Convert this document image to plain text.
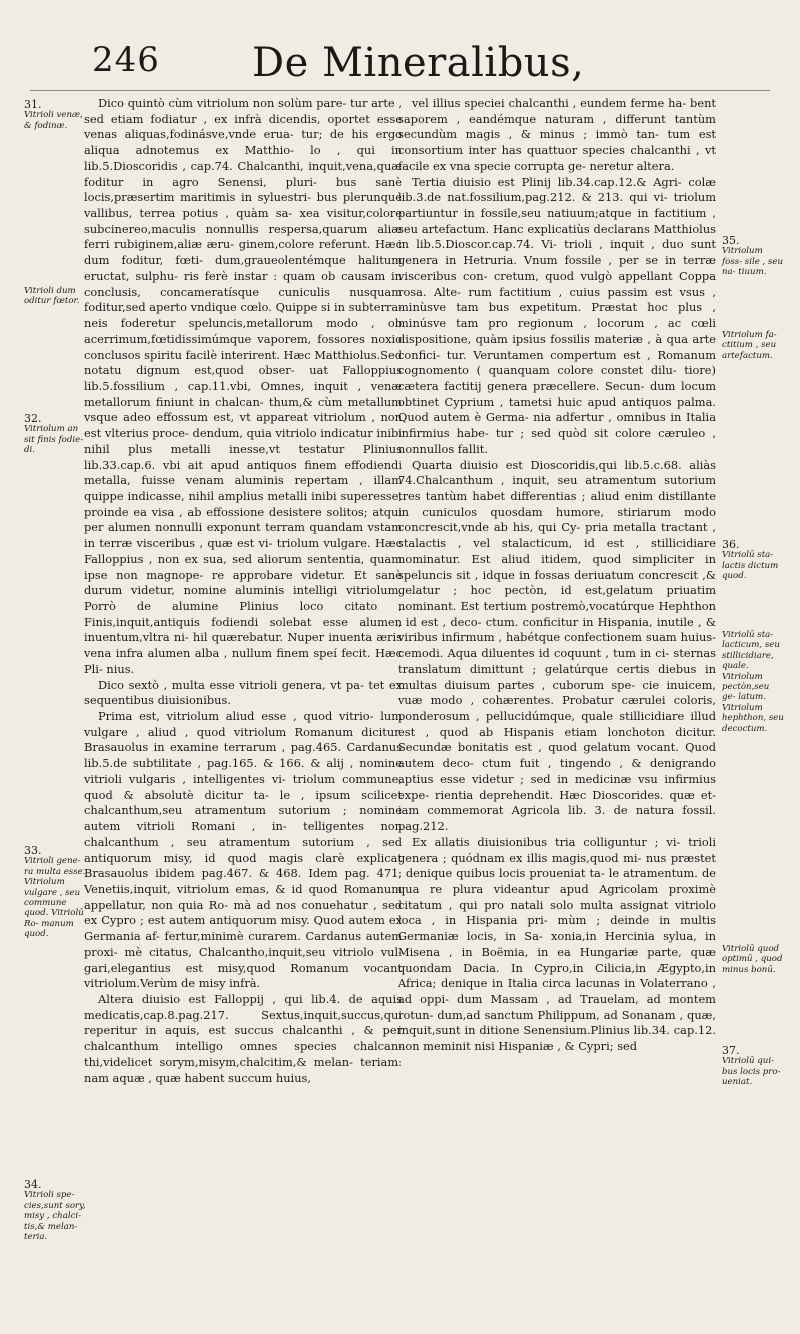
246 De Mineralibus,

Dico quintò cùm vitriolum non solùm pare- tur arte , sed etiam fodiatur , ex infrà dicendis, oportet esse venas aliquas,fodinásve,vnde erua- tur; de his ergo aliqua adnotemus ex Matthio- lo , qui in lib.5.Dioscoridis , cap.74. Chalcanthi, inquit,vena,quæ foditur in agro Senensi, pluri- bus sanè locis,præsertim maritimis in syluestri- bus plerunque vallibus, terrea potius , quàm sa- xea visitur,colore subcinereo,maculis nonnullis respersa,quarum aliæ ferri rubiginem,aliæ æru- ginem,colore referunt. Hæc dum foditur, fœti- dum,graueolentémque halitum eructat, sulphu- ris ferè instar : quam ob causam in conclusis, concameratísque cuniculis nusquam foditur,sed aperto vndique cœlo. Quippe si in subterra- neis foderetur speluncis,metallorum modo , ob acerrimum,fœtidissimúmque vaporem, fossores noxio conclusos spiritu facilè interirent. Hæc Matthiolus.Sed notatu dignum est,quod obser- uat Falloppius lib.5.fossilium , cap.11.vbi, Omnes, inquit , venæ metallorum finiunt in chalcan- thum,& cùm metallum vsque adeo effossum est, vt appareat vitriolum , non est vlterius proce- dendum, quia vitriolo indicatur inibi nihil plus metalli inesse,vt testatur Plinius lib.33.cap.6. vbi ait apud antiquos finem effodiendi metalla, fuisse venam aluminis repertam , illam quippe indicasse, nihil amplius metalli inibi superesse, proinde ea visa , ab effossione desistere solitos; atqui per alumen nonnulli exponunt terram quandam vstam in terræ visceribus , quæ est vi- triolum vulgare. Hæc Falloppius , non ex sua, sed aliorum sententia, quam ipse non magnope- re approbare videtur. Et sanè durum videtur, nomine aluminis intelligi vitriolum. Porrò de alumine Plinius loco citato , Finis,inquit,antiquis fodiendi solebat esse alumen inuentum,vltra ni- hil quærebatur. Nuper inuenta æris vena infra alumen alba , nullum finem speí fecit. Hæc Pli- nius.

Dico sextò , multa esse vitrioli genera, vt pa- tet ex sequentibus diuisionibus.

Prima est, vitriolum aliud esse , quod vitrio- lum vulgare , aliud , quod vitriolum Romanum dicitur. Brasauolus in examine terrarum , pag.465. Cardanus lib.5.de subtilitate , pag.165. & 166. & alij , nomine vitrioli vulgaris , intelligentes vi- triolum commune, quod & absolutè dicitur ta- le , ipsum scilicet chalcanthum,seu atramentum sutorium ; nomine autem vitrioli Romani , in- telligentes non chalcanthum , seu atramentum sutorium , sed antiquorum misy, id quod magis clarè explicat Brasauolus ibidem pag.467. & 468. Idem pag. 471. Venetiis,inquit, vitriolum emas, & id quod Romanum appellatur, non quia Ro- mà ad nos conuehatur , sed ex Cypro ; est autem antiquorum misy. Quod autem ex Germania af- fertur,minimè curarem. Cardanus autem proxi- mè citatus, Chalcantho,inquit,seu vitriolo vul- gari,elegantius est misy,quod Romanum vocant vitriolum.Verùm de misy infrà.

Altera diuisio est Falloppij , qui lib.4. de aquis medicatis,cap.8.pag.217. Sextus,inquit,succus,qui reperitur in aquis, est succus chalcanthi , & per chalcanthum intelligo omnes species chalcan- thi,videlicet sorym,misym,chalcitim,& melan- teriam: nam aquæ , quæ habent succum huius,

vel illius speciei chalcanthi , eundem ferme ha- bent saporem , eandémque naturam , differunt tantùm secundùm magis , & minus ; immò tan- tum est consortium inter has quattuor species chalcanthi , vt facile ex vna specie corrupta ge- neretur altera.

Tertia diuisio est Plinij lib.34.cap.12.& Agri- colæ lib.3.de nat.fossilium,pag.212. & 213. qui vi- triolum partiuntur in fossile,seu natiuum;atque in factitium , seu artefactum. Hanc explicatiùs declarans Matthiolus in lib.5.Dioscor.cap.74. Vi- trioli , inquit , duo sunt genera in Hetruria. Vnum fossile , per se in terræ visceribus con- cretum, quod vulgò appellant Coppa rosa. Alte- rum factitium , cuius passim est vsus , minùsve tam bus expetitum. Præstat hoc plus , minúsve tam pro regionum , locorum , ac cœli dispositione, quàm ipsius fossilis materiæ , à qua arte confici- tur. Veruntamen compertum est , Romanum cognomento ( quanquam colore constet dilu- tiore) cætera factitij genera præcellere. Secun- dum locum obtinet Cyprium , tametsi huic apud antiquos palma. Quod autem è Germa- nia adfertur , omnibus in Italia infirmius habe- tur ; sed quòd sit colore cæruleo , nonnullos fallit.

Quarta diuisio est Dioscoridis,qui lib.5.c.68. aliàs 74.Chalcanthum , inquit, seu atramentum sutorium tres tantùm habet differentias ; aliud enim distillante in cuniculos quosdam humore, stiriarum modo concrescit,vnde ab his, qui Cy- pria metalla tractant , stalactis , vel stalacticum, id est , stillicidiare nominatur. Est aliud itidem, quod simpliciter in speluncis sit , idque in fossas deriuatum concrescit ,& gelatur ; hoc pectòn, id est,gelatum priuatim nominant. Est tertium postremò,vocatúrque Hephthon , id est , deco- ctum. conficitur in Hispania, inutile , & viribus infirmum , habétque confectionem suam huius- cemodi. Aqua diluentes id coquunt , tum in ci- sternas translatum dimittunt ; gelatúrque certis diebus in multas diuisum partes , cuborum spe- cie inuicem, vuæ modo , cohærentes. Probatur cærulei coloris, ponderosum , pellucidúmque, quale stillicidiare illud est , quod ab Hispanis etiam lonchoton dicitur. Secundæ bonitatis est , quod gelatum vocant. Quod autem deco- ctum fuit , tingendo , & denigrando aptius esse videtur ; sed in medicinæ vsu infirmius expe- rientia deprehendit. Hæc Dioscorides. quæ et- iam commemorat Agricola lib. 3. de natura fossil. pag.212.

Ex allatis diuisionibus tria colliguntur ; vi- trioli genera ; quódnam ex illis magis,quod mi- nus præstet ; denique quibus locis proueniat ta- le atramentum. de qua re plura videantur apud Agricolam proximè citatum , qui pro natali solo multa assignat vitriolo loca , in Hispania pri- mùm ; deinde in multis Germaniæ locis, in Sa- xonia,in Hercinia sylua, in Misena , in Boëmia, in ea Hungariæ parte, quæ quondam Dacia. In Cypro,in Cilicia,in Ægypto,in Africa; denique in Italia circa lacunas in Volaterrano , ad oppi- dum Massam , ad Trauelam, ad montem rotun- dum,ad sanctum Philippum, ad Sonanam , quæ, inquit,sunt in ditione Senensium.Plinius lib.34. cap.12. non meminit nisi Hispaniæ , & Cypri; sed

31.
Vitrioli venæ, & fodinæ.
Vitrioli dum oditur fœtor.
32.
Vitriolum an sit finis fodie- di.
33.
Vitrioli gene- ra multa esse. Vitriolum vulgare , seu commune quod. Vitriolū Ro- manum quod.
34.
Vitrioli spe- cies,sunt sory, misy , chalci- tis,& melan- teria.
35.
Vitriolum foss- sile , seu na- tiuum.
Vitriolum fa- ctitium , seu artefactum.
36.
Vitriolū sta- lactis dictum quod.
Vitriolū sta- lacticum, seu stillicidiare, quale. Vitriolum pectòn,seu ge- latum. Vitriolum hephthon, seu decoctum.
Vitriolū quod optimū , quod minus bonū.
37.
Vitriolū qui- bus locis pro- ueniat.
